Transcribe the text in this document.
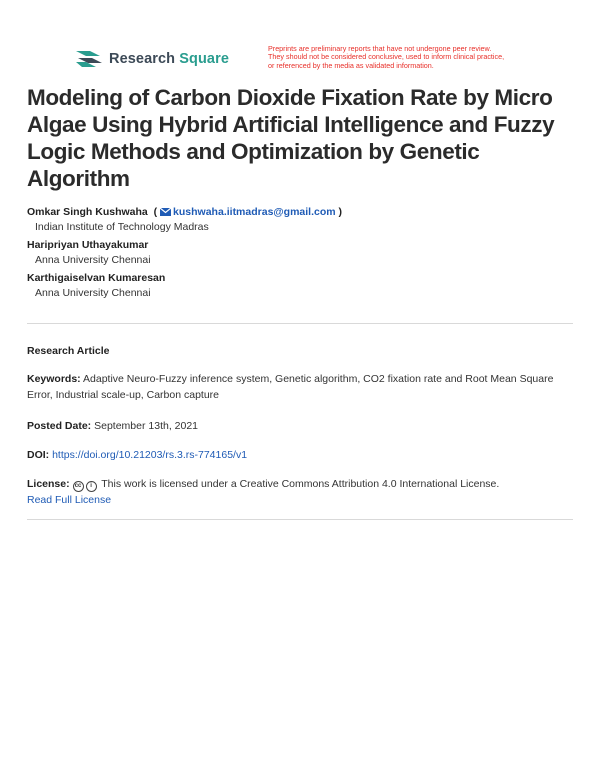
Research Square
Preprints are preliminary reports that have not undergone peer review.
They should not be considered conclusive, used to inform clinical practice,
or referenced by the media as validated information.
Modeling of Carbon Dioxide Fixation Rate by Micro Algae Using Hybrid Artificial Intelligence and Fuzzy Logic Methods and Optimization by Genetic Algorithm
Omkar Singh Kushwaha ( kushwaha.iitmadras@gmail.com )
Indian Institute of Technology Madras
Haripriyan Uthayakumar
Anna University Chennai
Karthigaiselvan Kumaresan
Anna University Chennai
Research Article
Keywords: Adaptive Neuro-Fuzzy inference system, Genetic algorithm, CO2 fixation rate and Root Mean Square Error, Industrial scale-up, Carbon capture
Posted Date: September 13th, 2021
DOI: https://doi.org/10.21203/rs.3.rs-774165/v1
License: cc i This work is licensed under a Creative Commons Attribution 4.0 International License.
Read Full License
